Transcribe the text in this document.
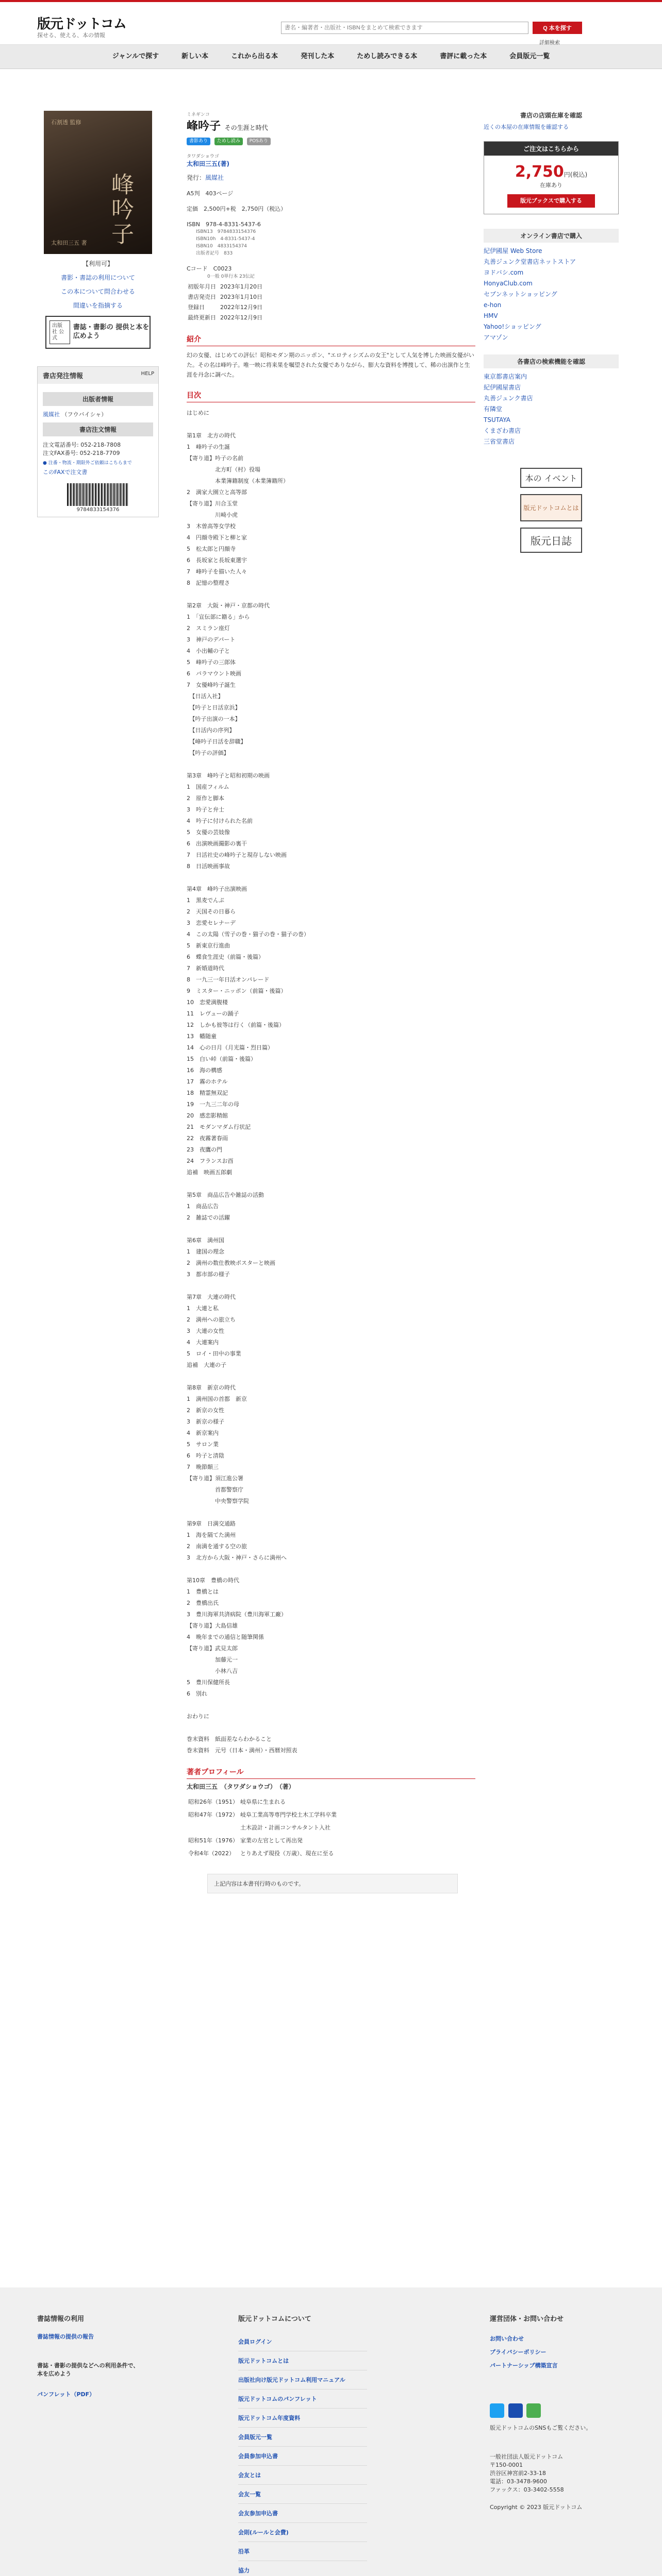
版元ドットコム
探せる、使える、本の情報
書名・編著者・出版社・ISBNをまとめて検索できます
Q 本を探す
詳細検索
ジャンルで探す	新しい本	これから出る本	発刊した本	ためし読みできる本	書評に載った本	会員版元一覧
石割透 監修
峰吟子
太和田三五 著
【利用可】
書影・書誌の利用について
この本について問合わせる
間違いを指摘する
出版社 公式
書誌・書影の 提供と本を広めよう
書店発注情報	HELP
出版者情報
風媒社 （フウバイシャ）
書店注文情報
注文電話番号: 052-218-7808
注文FAX番号: 052-218-7709
● 注番・物流・期限外ご依頼はこちらまで
このFAXで注文書
9784833154376
ミネギンコ
峰吟子 その生涯と時代
書影あり ためし読み POSあり
タワダショウゴ
太和田三五(著)
発行：風媒社
A5判　403ページ
定価　2,500円+税　2,750円（税込）
ISBN　978-4-8331-5437-6
ISBN13　9784833154376
ISBN10h　4-8331-5437-4
ISBN10　4833154374
出版者記号　833
Cコード　C0023
0一般 0単行本 23伝記
初版年月日	2023年1月20日
書店発売日	2023年1月10日
登録日	2022年12月9日
最終更新日	2022年12月9日
紹介
幻の女優、はじめての評伝！昭和モダン期のニッポン、"エロティシズムの女王"として人気を博した映画女優がいた。その名は峰吟子。唯一映に将来果を嘱望された女優でありながら、膨大な資料を博捜して、稀の出演作と生涯を丹念に調べた。
目次
はじめに

第1章　北方の時代
1　峰吟子の生誕
【寄り道】吟子の名前
　　　　　北方町（村）役場
　　　　　本業簿籍制度（本業簿籍所）
2　満家大園立と高等部
【寄り道】川合玉堂
　　　　　川崎小虎
3　木曽高等女学校
4　円顔寺殿下と柳と家
5　松太郎と円顔寺
6　長坂家と長坂東選宇
7　峰吟子を描いた人々
8　記憶の整理さ

第2章　大阪・神戸・京都の時代
1　「宣伝部に籍る」から
2　スミラン座灯
3　神戸のデパート
4　小出輔の子と
5　峰吟子の三郎体
6　パラマウント映画
7　女優峰吟子誕生
　【日活入社】
　【吟子と日活京浜】
　【吟子出演の一本】
　【日活内の序列】
　【峰吟子日活を辞職】
　【吟子の評価】

第3章　峰吟子と昭和初期の映画
1　国産フィルム
2　原作と脚本
3　吟子と弁士
4　吟子に付けられた名前
5　女優の芸妓像
6　出演映画撮影の裏干
7　日活社史の峰吟子と現存しない映画
8　日活映画事故

第4章　峰吟子出演映画
1　黒麦でんぷ
2　天国その日暮ら
3　恋愛セレナーデ
4　この太陽（雪子の巻・猫子の巻・猫子の巻）
5　新東京行進曲
6　蝶食生涯史（前篇・後篇）
7　新婚道時代
8　一九三一年日活オンパレード
9　ミスター・ニッポン（前篇・後篇）
10　恋愛満腹楼
11　レヴューの踊子
12　しかも彼等は行く（前篇・後篇）
13　幡随童
14　心の日月（月光篇・烈日篇）
15　白い峠（前篇・後篇）
16　海の構感
17　霧のホテル
18　精霊無双記
19　一九三二年の母
20　感恋影精館
21　モダンマダム行状記
22　夜霧著春雨
23　夜鷹の門
24　フランスお酉
追補　映画五郎劇

第5章　商品広告や雑誌の活動
1　商品広告
2　雑誌での活躍

第6章　満州国
1　建国の理念
2　満州の数仕教映ポスターと映画
3　都市部の様子

第7章　大連の時代
1　大連と私
2　満州への旅立ち
3　大連の女性
4　大連案内
5　ロイ・田中の事業
追補　大連の子

第8章　新京の時代
1　満州国の首都　新京
2　新京の女性
3　新京の様子
4　新京案内
5　サロン業
6　吟子と清陰
7　晩節顛三
【寄り道】須江進公署
　　　　　首都警察庁
　　　　　中央警察学院

第9章　日満交通路
1　海を隔てた満州
2　南満を通する空の旅
3　北方から大阪・神戸・さらに満州へ

第10章　豊橋の時代
1　豊橋とは
2　豊橋出氏
3　豊川海軍共済病院（豊川海軍工廠）
【寄り道】大島信雄
4　晩年までの通信と随筆関係
【寄り道】武見太郎
　　　　　加藤元一
　　　　　小林八吉
5　豊川保健所長
6　別れ

おわりに

巻末資料　紙面差ならわかること
巻末資料　元号（日本・満州）・西暦対照表
著者プロフィール
太和田三五　（タワダショウゴ）　（著）
昭和26年（1951）	岐阜県に生まれる
昭和47年（1972）	岐阜工業高等専門学校土木工学科卒業
	土木設計・計画コンサルタント入社
昭和51年（1976）	家業の左官として再出発
令和4年（2022）	とりあえず現役（万歳）、現在に至る
上記内容は本書刊行時のものです。
書店の店頭在庫を確認
近くの本屋の在庫情報を確認する
ご注文はこちらから
2,750円(税込)
在庫あり
版元ブックスで購入する
オンライン書店で購入
紀伊國屋 Web Store
丸善ジュンク堂書店ネットストア
ヨドバシ.com
HonyaClub.com
セブンネットショッピング
e-hon
HMV
Yahoo!ショッピング
アマゾン
各書店の検索機能を確認
東京都書店案内
紀伊國屋書店
丸善ジュンク書店
有隣堂
TSUTAYA
くまざわ書店
三省堂書店
本の イベント
版元ドットコムとは
版元日誌
書誌情報の利用
書誌情報の提供の報告
書誌・書影の提供などへの利用条件で、本を広めよう
パンフレット（PDF）
版元ドットコムについて
会員ログイン
版元ドットコムとは
出版社向け版元ドットコム利用マニュアル
版元ドットコムのパンフレット
版元ドットコム年度資料
会員版元一覧
会員参加申込書
会友とは
会友一覧
会友参加申込書
会則(ルールと会費)
沿革
協力
運営団体・お問い合わせ
お問い合わせ
プライバシーポリシー
パートナーシップ構築宣言

版元ドットコムのSNSもご覧ください。
一般社団法人版元ドットコム
〒150-0001
渋谷区神宮前2-33-18
電話：03-3478-9600
ファックス：03-3402-5558
Copyright © 2023 版元ドットコム
